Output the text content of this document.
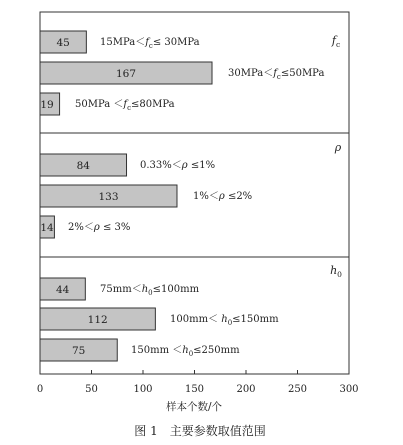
$f_c$
ρ
$h_0$
$15MPa<f_c\le 30MPa$
$30MPa<f_c\le 50MPa$
$50MPa <f_c\le 80MPa$
0.33%＜ρ ≤1%
1%＜ρ ≤2%
2%＜ρ ≤ 3%
$75mm<h_0\le 100mm$
$100mm< h_0\le 150mm$
$150mm <h_0\le 250mm$
样本个数/个
图 1　主要参数取值范围
45
167
19
84
133
14
44
112
75
0	50	100	150	200	250	300
